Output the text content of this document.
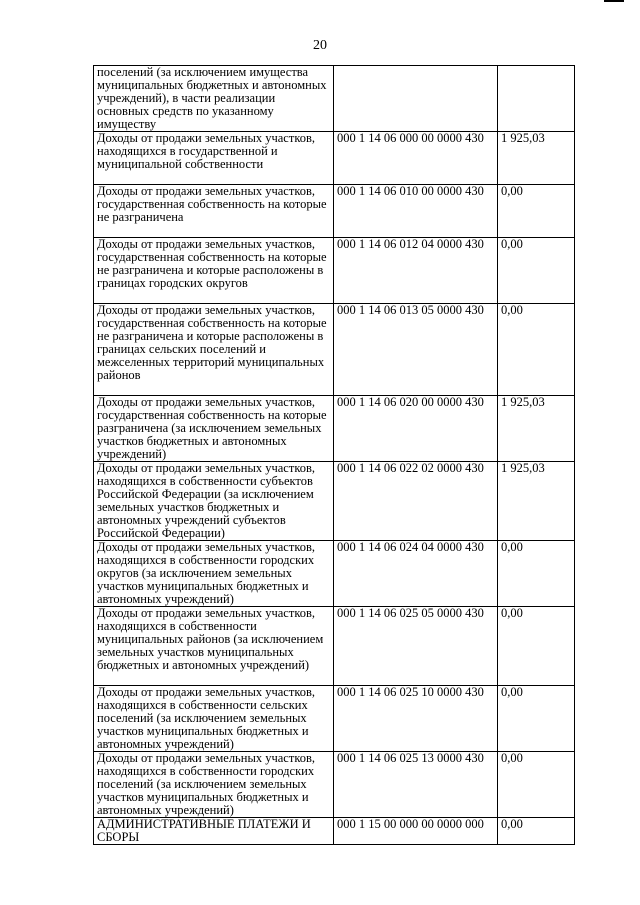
20
поселений (за исключением имущества муниципальных бюджетных и автономных учреждений), в части реализации основных средств по указанному имуществу		
Доходы от продажи земельных участков, находящихся в государственной и муниципальной собственности	000 1 14 06 000 00 0000 430	1 925,03
Доходы от продажи земельных участков, государственная собственность на которые не разграничена	000 1 14 06 010 00 0000 430	0,00
Доходы от продажи земельных участков, государственная собственность на которые не разграничена и которые расположены в границах городских округов	000 1 14 06 012 04 0000 430	0,00
Доходы от продажи земельных участков, государственная собственность на которые не разграничена и которые расположены в границах сельских поселений и межселенных территорий муниципальных районов	000 1 14 06 013 05 0000 430	0,00
Доходы от продажи земельных участков, государственная собственность на которые разграничена (за исключением земельных участков бюджетных и автономных учреждений)	000 1 14 06 020 00 0000 430	1 925,03
Доходы от продажи земельных участков, находящихся в собственности субъектов Российской Федерации (за исключением земельных участков бюджетных и автономных учреждений субъектов Российской Федерации)	000 1 14 06 022 02 0000 430	1 925,03
Доходы от продажи земельных участков, находящихся в собственности городских округов (за исключением земельных участков муниципальных бюджетных и автономных учреждений)	000 1 14 06 024 04 0000 430	0,00
Доходы от продажи земельных участков, находящихся в собственности муниципальных районов (за исключением земельных участков муниципальных бюджетных и автономных учреждений)	000 1 14 06 025 05 0000 430	0,00
Доходы от продажи земельных участков, находящихся в собственности сельских поселений (за исключением земельных участков муниципальных бюджетных и автономных учреждений)	000 1 14 06 025 10 0000 430	0,00
Доходы от продажи земельных участков, находящихся в собственности городских поселений (за исключением земельных участков муниципальных бюджетных и автономных учреждений)	000 1 14 06 025 13 0000 430	0,00
АДМИНИСТРАТИВНЫЕ ПЛАТЕЖИ И СБОРЫ	000 1 15 00 000 00 0000 000	0,00
